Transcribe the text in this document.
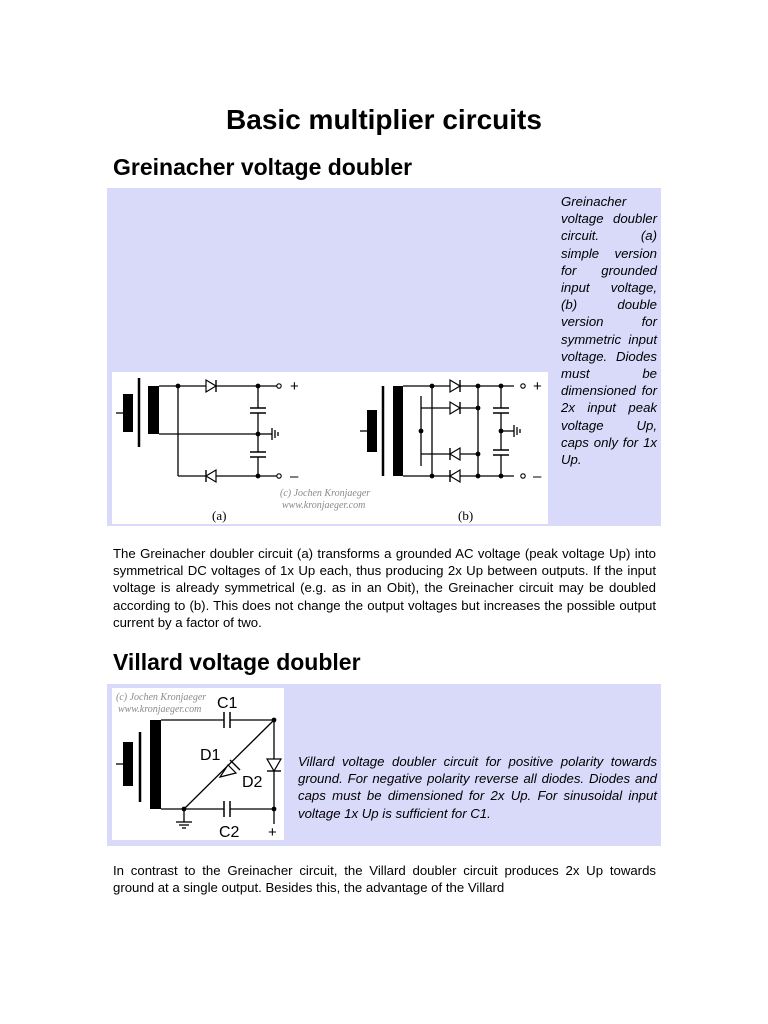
Basic multiplier circuits
Greinacher voltage doubler
+
–
+
–
(c) Jochen Kronjaeger
www.kronjaeger.com
(a)	(b)
Greinacher voltage doubler circuit. (a) simple version for grounded input voltage, (b) double version for symmetric input voltage. Diodes must be dimensioned for 2x input peak voltage Up, caps only for 1x Up.

The Greinacher doubler circuit (a) transforms a grounded AC voltage (peak voltage Up) into symmetrical DC voltages of 1x Up each, thus producing 2x Up between outputs. If the input voltage is already symmetrical (e.g. as in an Obit), the Greinacher circuit may be doubled according to (b). This does not change the output voltages but increases the possible output current by a factor of two.

Villard voltage doubler
(c) Jochen Kronjaeger
www.kronjaeger.com C1
D1
D2
C2 +
Villard voltage doubler circuit for positive polarity towards ground. For negative polarity reverse all diodes. Diodes and caps must be dimensioned for 2x Up. For sinusoidal input voltage 1x Up is sufficient for C1.

In contrast to the Greinacher circuit, the Villard doubler circuit produces 2x Up towards ground at a single output. Besides this, the advantage of the Villard
